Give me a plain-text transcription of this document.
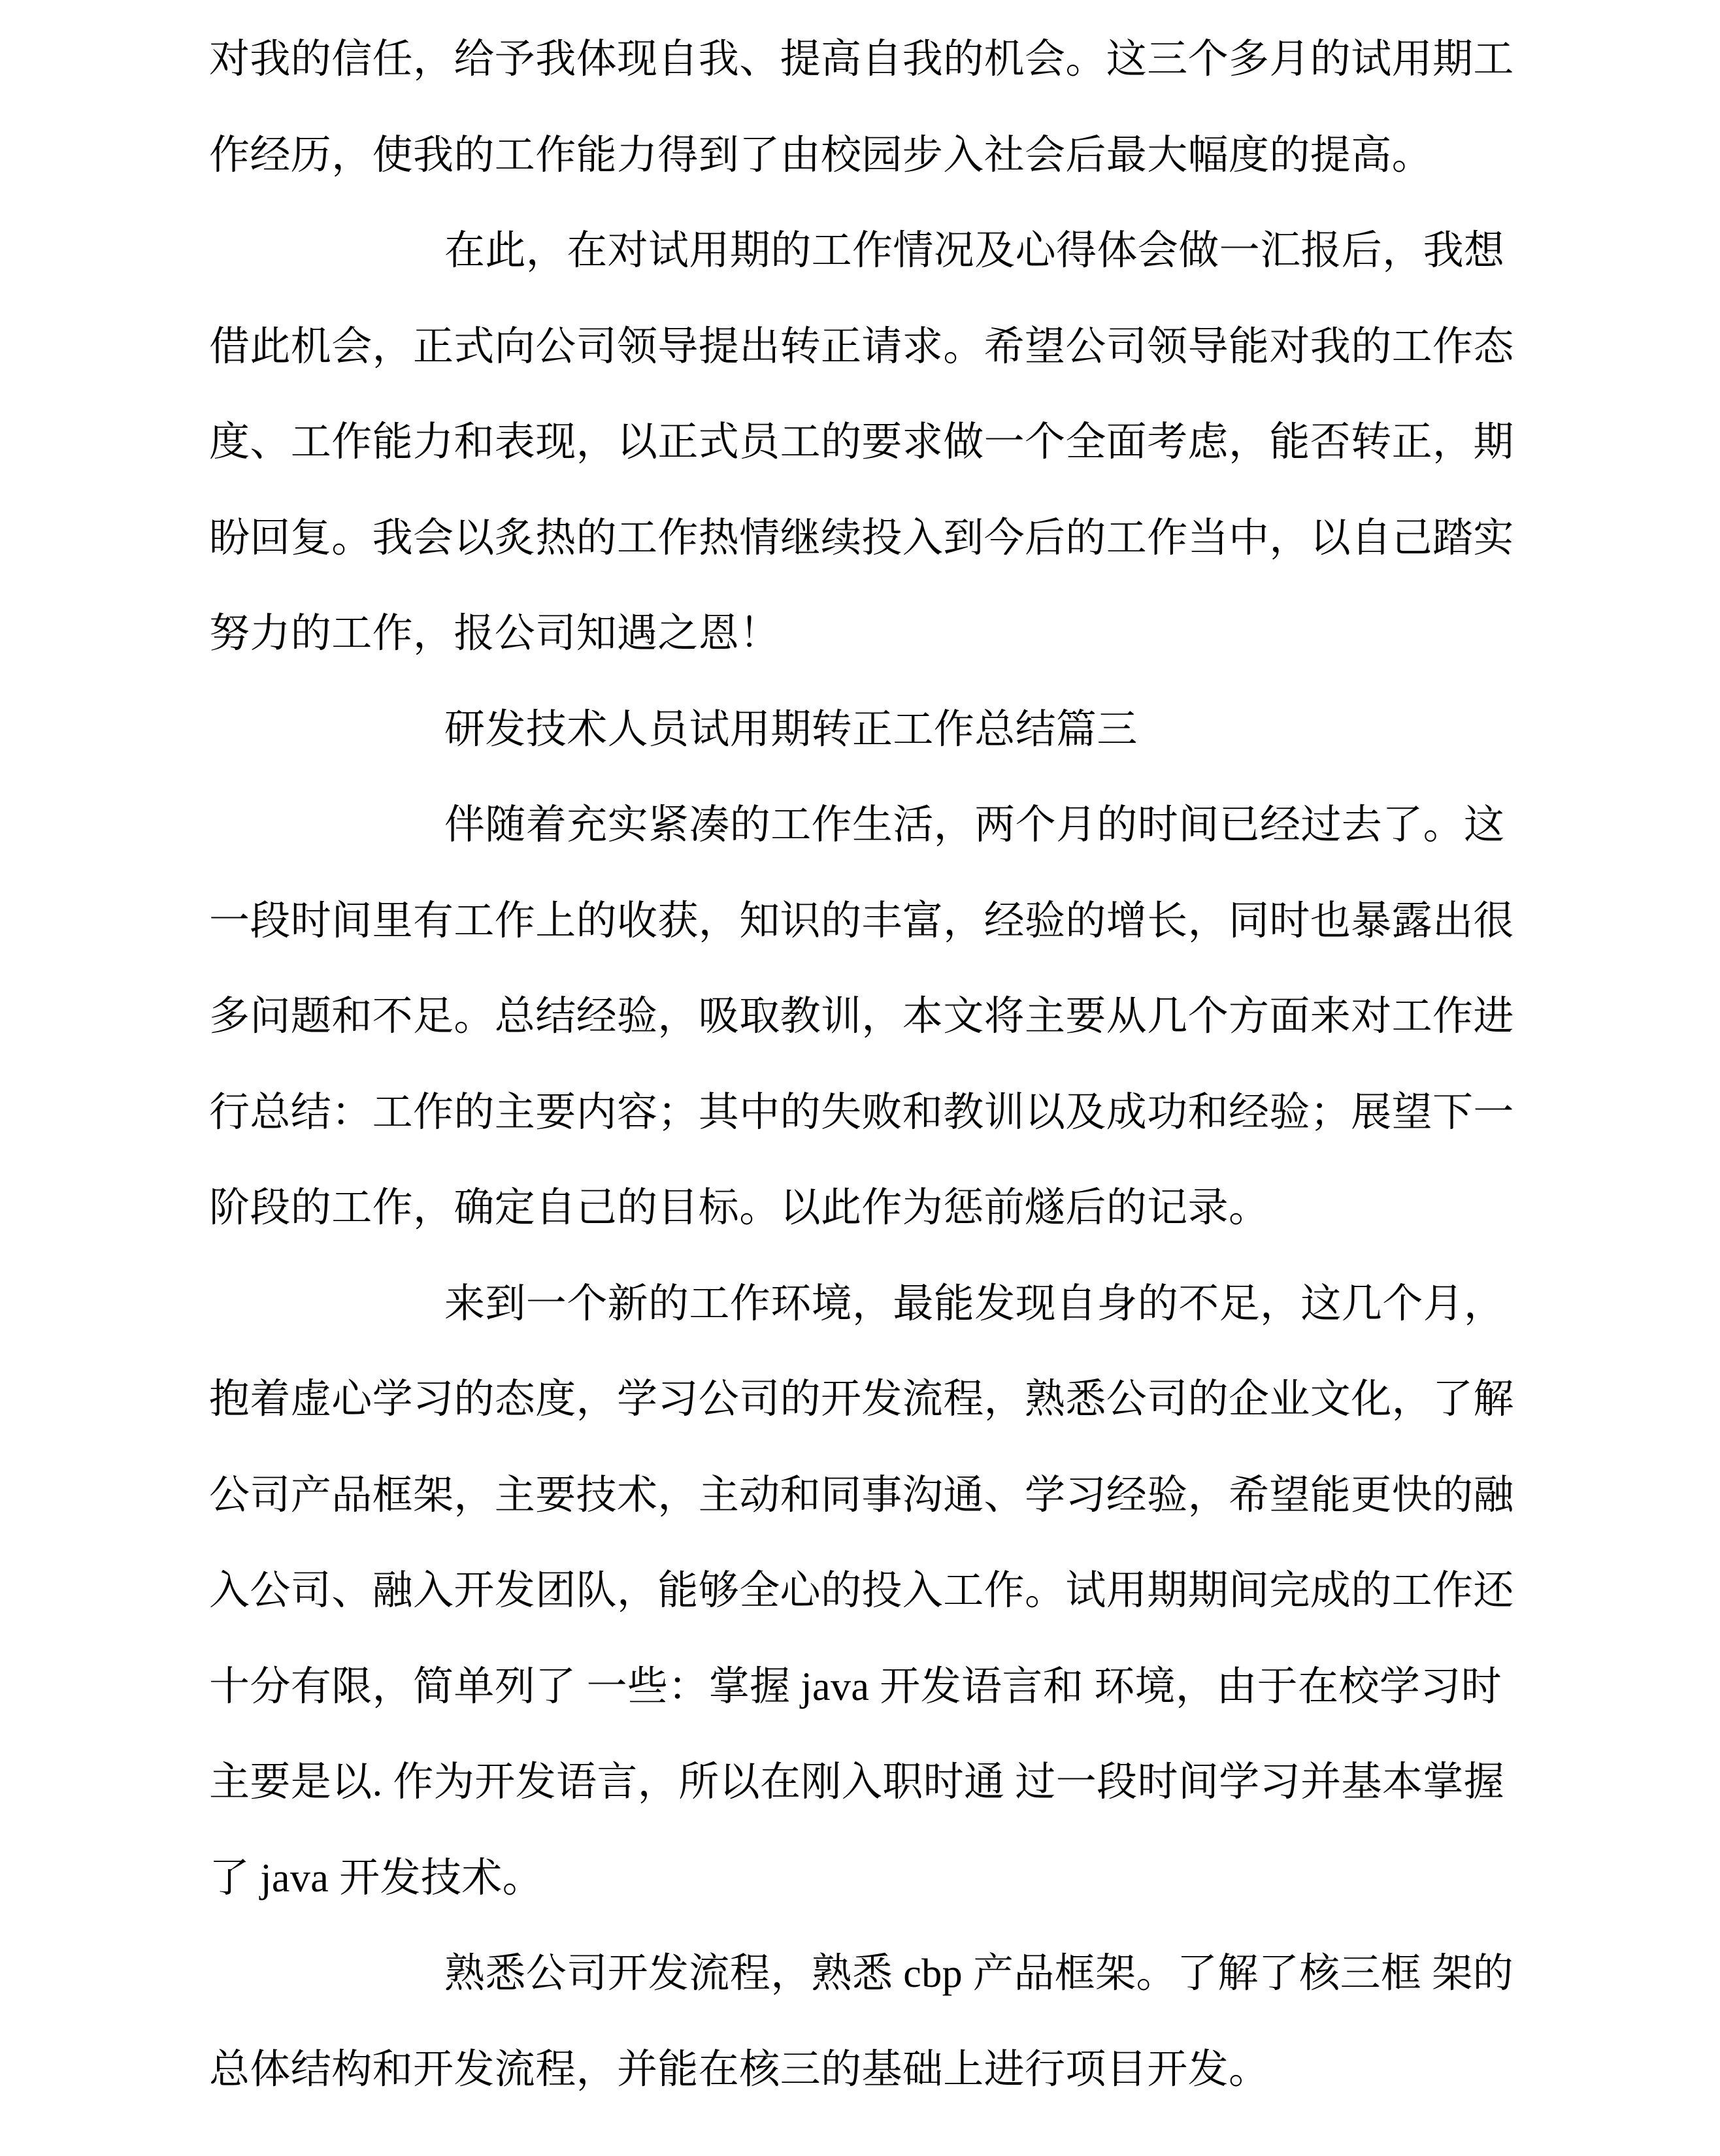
对我的信任，给予我体现自我、提高自我的机会。这三个多月的试用期工

作经历，使我的工作能力得到了由校园步入社会后最大幅度的提高。

在此，在对试用期的工作情况及心得体会做一汇报后，我想

借此机会，正式向公司领导提出转正请求。希望公司领导能对我的工作态

度、工作能力和表现，以正式员工的要求做一个全面考虑，能否转正，期

盼回复。我会以炙热的工作热情继续投入到今后的工作当中，以自己踏实

努力的工作，报公司知遇之恩！

研发技术人员试用期转正工作总结篇三

伴随着充实紧凑的工作生活，两个月的时间已经过去了。这

一段时间里有工作上的收获，知识的丰富，经验的增长，同时也暴露出很

多问题和不足。总结经验，吸取教训，本文将主要从几个方面来对工作进

行总结：工作的主要内容；其中的失败和教训以及成功和经验；展望下一

阶段的工作，确定自己的目标。以此作为惩前燧后的记录。

来到一个新的工作环境，最能发现自身的不足，这几个月，

抱着虚心学习的态度，学习公司的开发流程，熟悉公司的企业文化，了解

公司产品框架，主要技术，主动和同事沟通、学习经验，希望能更快的融

入公司、融入开发团队，能够全心的投入工作。试用期期间完成的工作还

十分有限，简单列了 一些：掌握 java 开发语言和 环境，由于在校学习时

主要是以. 作为开发语言，所以在刚入职时通 过一段时间学习并基本掌握

了 java 开发技术。

熟悉公司开发流程，熟悉 cbp 产品框架。了解了核三框 架的

总体结构和开发流程，并能在核三的基础上进行项目开发。
